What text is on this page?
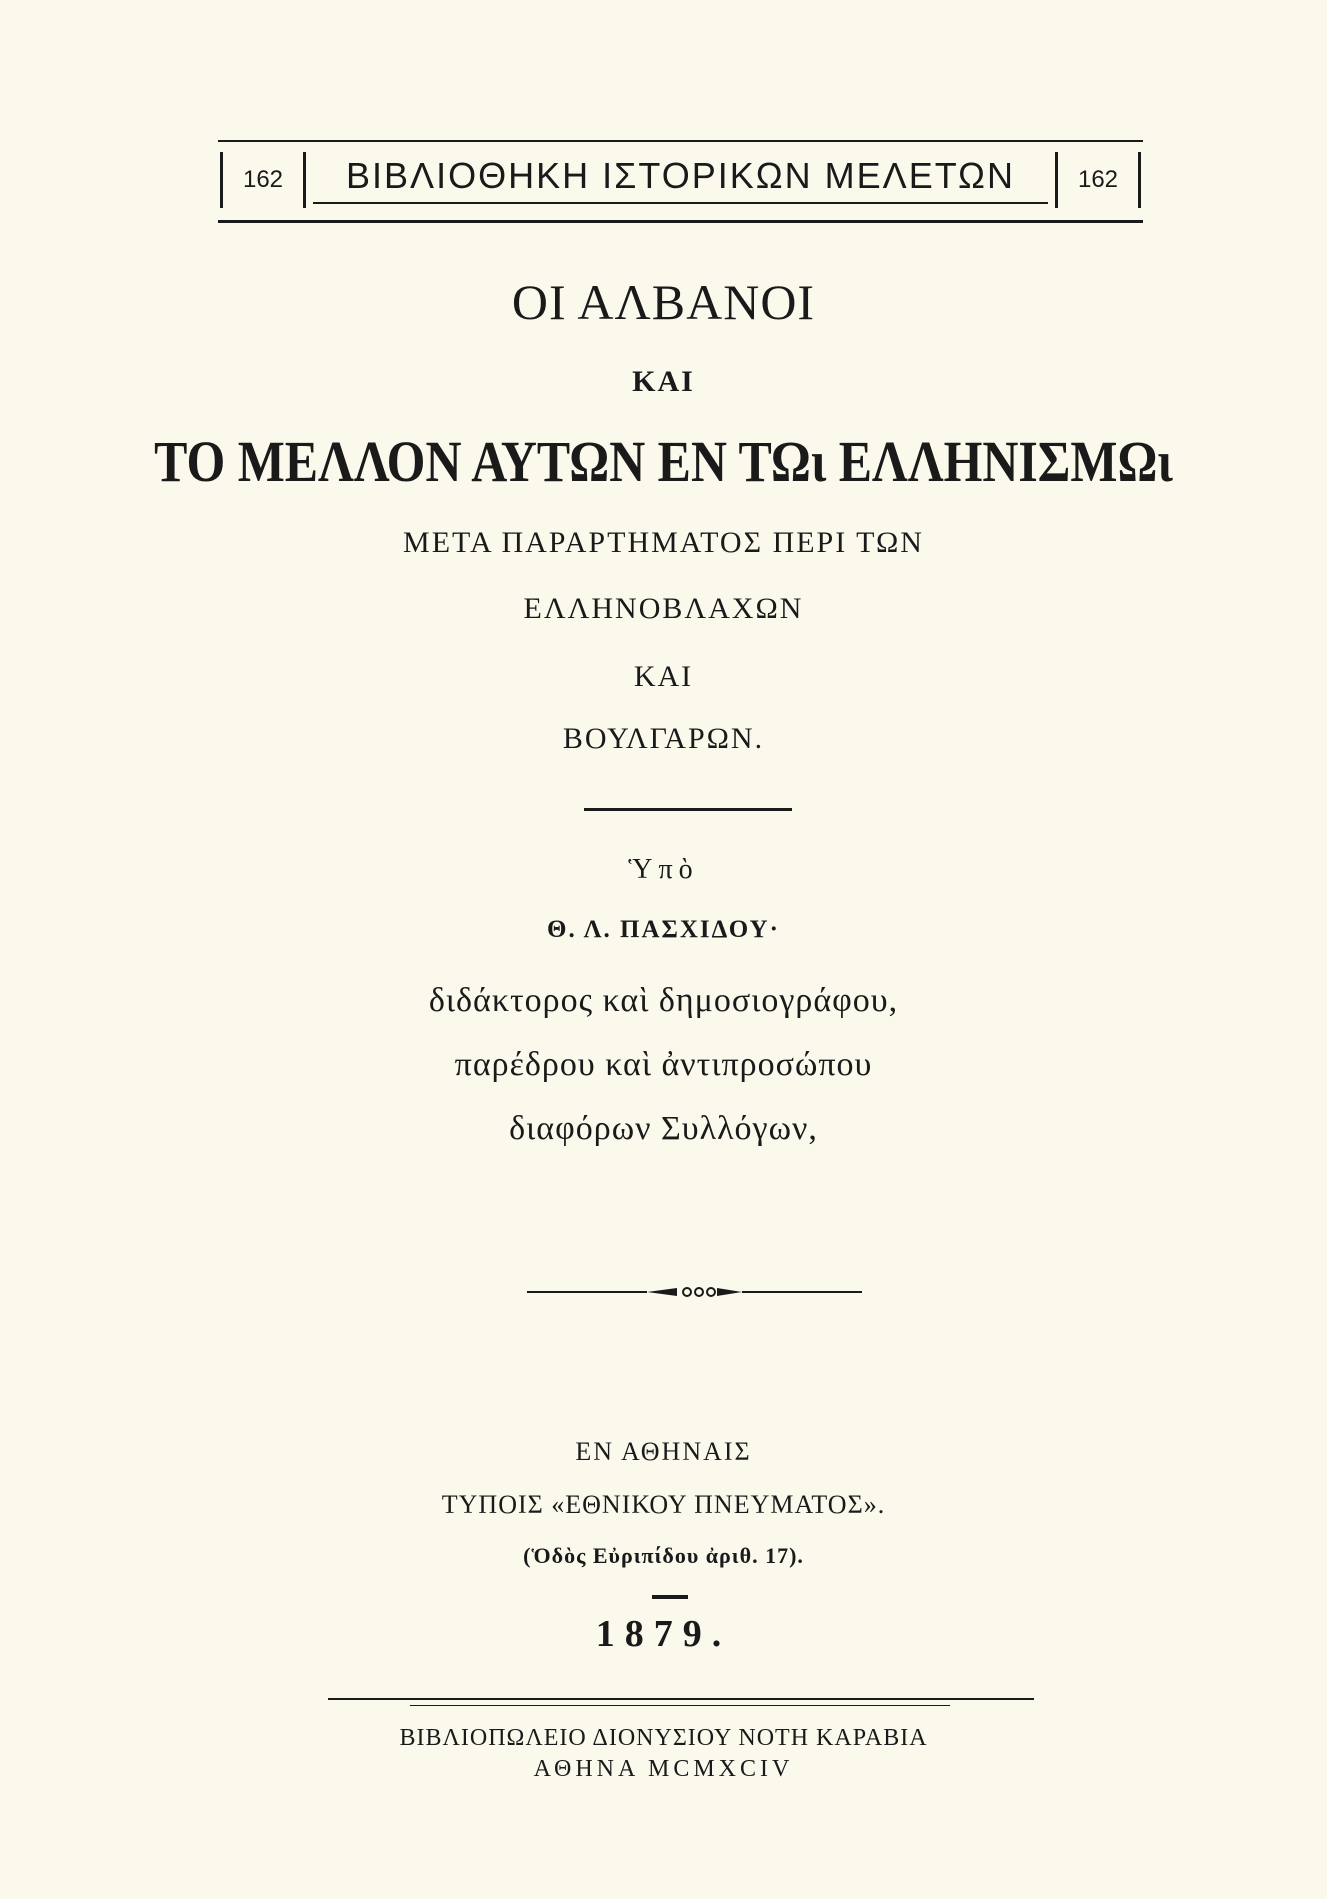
162	ΒΙΒΛΙΟΘΗΚΗ ΙΣΤΟΡΙΚΩΝ ΜΕΛΕΤΩΝ	162
ΟΙ ΑΛΒΑΝΟΙ
ΚΑΙ
ΤΟ ΜΕΛΛΟΝ ΑΥΤΩΝ ΕΝ ΤΩι ΕΛΛΗΝΙΣΜΩι
ΜΕΤΑ ΠΑΡΑΡΤΗΜΑΤΟΣ ΠΕΡΙ ΤΩΝ
ΕΛΛΗΝΟΒΛΑΧΩΝ
ΚΑΙ
ΒΟΥΛΓΑΡΩΝ.
Ὑπὸ
Θ. Λ. ΠΑΣΧΙΔΟΥ·
διδάκτορος καὶ δημοσιογράφου,
παρέδρου καὶ ἀντιπροσώπου
διαφόρων Συλλόγων,
ΕΝ ΑΘΗΝΑΙΣ
ΤΥΠΟΙΣ «ΕΘΝΙΚΟΥ ΠΝΕΥΜΑΤΟΣ».
(Ὁδὸς Εὐριπίδου ἀριθ. 17).
1879.
ΒΙΒΛΙΟΠΩΛΕΙΟ ΔΙΟΝΥΣΙΟΥ ΝΟΤΗ ΚΑΡΑΒΙΑ
ΑΘΗΝΑ MCMXCIV
